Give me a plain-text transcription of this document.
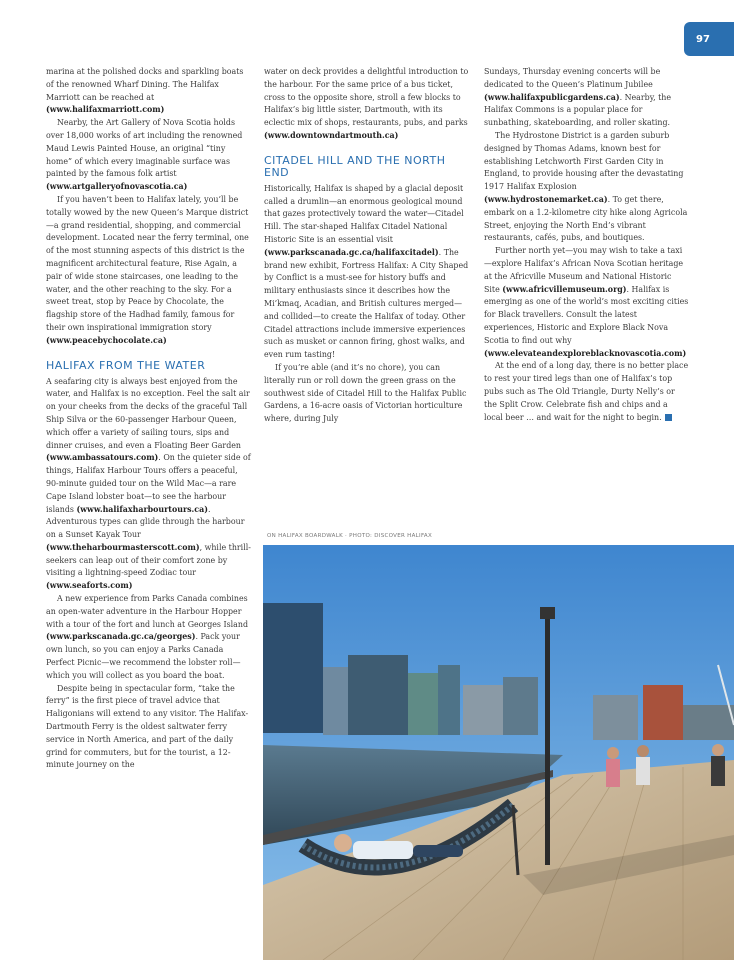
97

marina at the polished docks and sparkling boats of the renowned Wharf Dining. The Halifax Marriott can be reached at (www.halifaxmarriott.com)

Nearby, the Art Gallery of Nova Scotia holds over 18,000 works of art including the renowned Maud Lewis Painted House, an original “tiny home” of which every imaginable surface was painted by the famous folk artist (www.artgalleryofnovascotia.ca)

If you haven’t been to Halifax lately, you’ll be totally wowed by the new Queen’s Marque district—a grand residential, shopping, and commercial development. Located near the ferry terminal, one of the most stunning aspects of this district is the magnificent architectural feature, Rise Again, a pair of wide stone staircases, one leading to the water, and the other reaching to the sky. For a sweet treat, stop by Peace by Chocolate, the flagship store of the Hadhad family, famous for their own inspirational immigration story (www.peacebychocolate.ca)

HALIFAX FROM THE WATER

A seafaring city is always best enjoyed from the water, and Halifax is no exception. Feel the salt air on your cheeks from the decks of the graceful Tall Ship Silva or the 60-passenger Harbour Queen, which offer a variety of sailing tours, sips and dinner cruises, and even a Floating Beer Garden (www.ambassatours.com). On the quieter side of things, Halifax Harbour Tours offers a peaceful, 90-minute guided tour on the Wild Mac—a rare Cape Island lobster boat—to see the harbour islands (www.halifaxharbourtours.ca). Adventurous types can glide through the harbour on a Sunset Kayak Tour (www.theharbourmasterscott.com), while thrill-seekers can leap out of their comfort zone by visiting a lightning-speed Zodiac tour (www.seaforts.com)

A new experience from Parks Canada combines an open-water adventure in the Harbour Hopper with a tour of the fort and lunch at Georges Island (www.parkscanada.gc.ca/georges). Pack your own lunch, so you can enjoy a Parks Canada Perfect Picnic—we recommend the lobster roll—which you will collect as you board the boat.

Despite being in spectacular form, “take the ferry” is the first piece of travel advice that Haligonians will extend to any visitor. The Halifax-Dartmouth Ferry is the oldest saltwater ferry service in North America, and part of the daily grind for commuters, but for the tourist, a 12-minute journey on the

water on deck provides a delightful introduction to the harbour. For the same price of a bus ticket, cross to the opposite shore, stroll a few blocks to Halifax’s big little sister, Dartmouth, with its eclectic mix of shops, restaurants, pubs, and parks (www.downtowndartmouth.ca)

CITADEL HILL AND THE NORTH END

Historically, Halifax is shaped by a glacial deposit called a drumlin—an enormous geological mound that gazes protectively toward the water—Citadel Hill. The star-shaped Halifax Citadel National Historic Site is an essential visit (www.parkscanada.gc.ca/halifaxcitadel). The brand new exhibit, Fortress Halifax: A City Shaped by Conflict is a must-see for history buffs and military enthusiasts since it describes how the Mi’kmaq, Acadian, and British cultures merged—and collided—to create the Halifax of today. Other Citadel attractions include immersive experiences such as musket or cannon firing, ghost walks, and even rum tasting!

If you’re able (and it’s no chore), you can literally run or roll down the green grass on the southwest side of Citadel Hill to the Halifax Public Gardens, a 16-acre oasis of Victorian horticulture where, during July

Sundays, Thursday evening concerts will be dedicated to the Queen’s Platinum Jubilee (www.halifaxpublicgardens.ca). Nearby, the Halifax Commons is a popular place for sunbathing, skateboarding, and roller skating.

The Hydrostone District is a garden suburb designed by Thomas Adams, known best for establishing Letchworth First Garden City in England, to provide housing after the devastating 1917 Halifax Explosion (www.hydrostonemarket.ca). To get there, embark on a 1.2-kilometre city hike along Agricola Street, enjoying the North End’s vibrant restaurants, cafés, pubs, and boutiques.

Further north yet—you may wish to take a taxi—explore Halifax’s African Nova Scotian heritage at the Africville Museum and National Historic Site (www.africvillemuseum.org). Halifax is emerging as one of the world’s most exciting cities for Black travellers. Consult the latest experiences, Historic and Explore Black Nova Scotia to find out why (www.elevateandexploreblacknovascotia.com)

At the end of a long day, there is no better place to rest your tired legs than one of Halifax’s top pubs such as The Old Triangle, Durty Nelly’s or the Split Crow. Celebrate fish and chips and a local beer … and wait for the night to begin.

ON HALIFAX BOARDWALK · PHOTO: DISCOVER HALIFAX
